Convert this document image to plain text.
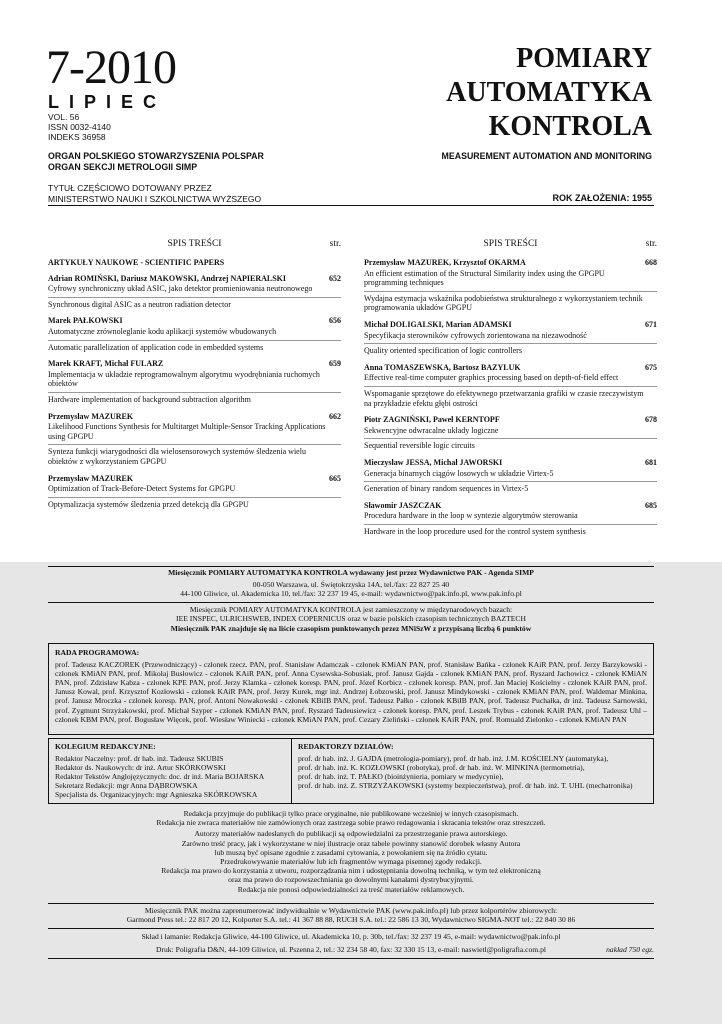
7-2010
LIPIEC
VOL. 56
ISSN 0032-4140
INDEKS 36958
POMIARY
AUTOMATYKA
KONTROLA
ORGAN POLSKIEGO STOWARZYSZENIA POLSPAR
ORGAN SEKCJI METROLOGII SIMP
MEASUREMENT AUTOMATION AND MONITORING
TYTUŁ CZĘŚCIOWO DOTOWANY PRZEZ
MINISTERSTWO NAUKI I SZKOLNICTWA WYŻSZEGO	ROK ZAŁOŻENIA: 1955
SPIS TREŚCI	str.
ARTYKUŁY NAUKOWE - SCIENTIFIC PAPERS
Adrian ROMIŃSKI, Dariusz MAKOWSKI, Andrzej NAPIERALSKI	652
Cyfrowy synchroniczny układ ASIC, jako detektor promieniowania neutronowego
Synchronous digital ASIC as a neutron radiation detector
Marek PAŁKOWSKI	656
Automatyczne zrównoleglanie kodu aplikacji systemów wbudowanych
Automatic parallelization of application code in embedded systems
Marek KRAFT, Michał FULARZ	659
Implementacja w układzie reprogramowalnym algorytmu wyodrębniania ruchomych obiektów
Hardware implementation of background subtraction algorithm
Przemysław MAZUREK	662
Likelihood Functions Synthesis for Multitarget Multiple-Sensor Tracking Applications using GPGPU
Synteza funkcji wiarygodności dla wielosensorowych systemów śledzenia wielu obiektów z wykorzystaniem GPGPU
Przemysław MAZUREK	665
Optimization of Track-Before-Detect Systems for GPGPU
Optymalizacja systemów śledzenia przed detekcją dla GPGPU
SPIS TREŚCI	str.
Przemysław MAZUREK, Krzysztof OKARMA	668
An efficient estimation of the Structural Similarity index using the GPGPU programming techniques
Wydajna estymacja wskaźnika podobieństwa strukturalnego z wykorzystaniem technik programowania układów GPGPU
Michał DOLIGALSKI, Marian ADAMSKI	671
Specyfikacja sterowników cyfrowych zorientowana na niezawodność
Quality oriented specification of logic controllers
Anna TOMASZEWSKA, Bartosz BAZYLUK	675
Effective real-time computer graphics processing based on depth-of-field effect
Wspomaganie sprzętowe do efektywnego przetwarzania grafiki w czasie rzeczywistym na przykładzie efektu głębi ostrości
Piotr ZAGNIŃSKI, Paweł KERNTOPF	678
Sekwencyjne odwracalne układy logiczne
Sequential reversible logic circuits
Mieczysław JESSA, Michał JAWORSKI	681
Generacja binarnych ciągów losowych w układzie Virtex-5
Generation of binary random sequences in Virtex-5
Sławomir JASZCZAK	685
Procedura hardware in the loop w syntezie algorytmów sterowania
Hardware in the loop procedure used for the control system synthesis
Miesięcznik POMIARY AUTOMATYKA KONTROLA wydawany jest przez Wydawnictwo PAK - Agenda SIMP
00-050 Warszawa, ul. Świętokrzyska 14A, tel./fax: 22 827 25 40
44-100 Gliwice, ul. Akademicka 10, tel./fax: 32 237 19 45, e-mail: wydawnictwo@pak.info.pl, www.pak.info.pl
Miesięcznik POMIARY AUTOMATYKA KONTROLA jest zamieszczony w międzynarodowych bazach:
IEE INSPEC, ULRICHSWEB, INDEX COPERNICUS oraz w bazie polskich czasopism technicznych BAZTECH
Miesięcznik PAK znajduje się na liście czasopism punktowanych przez MNiSzW z przypisaną liczbą 6 punktów
RADA PROGRAMOWA:
prof. Tadeusz KACZOREK (Przewodniczący) - członek rzecz. PAN, prof. Stanisław Adamczak - członek KMiAN PAN, prof. Stanisław Bańka - członek KAiR PAN, prof. Jerzy Barzykowski - członek KMiAN PAN, prof. Mikołaj Busłowicz - członek KAiR PAN, prof. Anna Cysewska-Sobusiak, prof. Janusz Gajda - członek KMiAN PAN, prof. Ryszard Jachowicz - członek KMiAN PAN, prof. Zdzisław Kabza - członek KPE PAN, prof. Jerzy Klamka - członek koresp. PAN, prof. Józef Korbicz - członek koresp. PAN, prof. Jan Maciej Kościelny - członek KAiR PAN, prof. Janusz Kowal, prof. Krzysztof Kozłowski - członek KAiR PAN, prof. Jerzy Kurek, mgr inż. Andrzej Łobzowski, prof. Janusz Mindykowski - członek KMiAN PAN, prof. Waldemar Minkina, prof. Janusz Mroczka - członek koresp. PAN, prof. Antoni Nowakowski - członek KBiIB PAN, prof. Tadeusz Pałko - członek KBiIB PAN, prof. Tadeusz Puchałka, dr inż. Tadeusz Sarnowski, prof. Zygmunt Strzyżakowski, prof. Michał Szyper - członek KMiAN PAN, prof. Ryszard Tadeusiewicz - członek koresp. PAN, prof. Leszek Trybus - członek KAiR PAN, prof. Tadeusz Uhl – członek KBM PAN, prof. Bogusław Więcek, prof. Wiesław Winiecki - członek KMiAN PAN, prof. Cezary Zieliński - członek KAiR PAN, prof. Romuald Zielonko - członek KMiAN PAN
KOLEGIUM REDAKCYJNE:
Redaktor Naczelny: prof. dr hab. inż. Tadeusz SKUBIS
Redaktor ds. Naukowych: dr inż. Artur SKÓRKOWSKI
Redaktor Tekstów Anglojęzycznych: doc. dr inż. Maria BOJARSKA
Sekretarz Redakcji: mgr Anna DĄBROWSKA
Specjalista ds. Organizacyjnych: mgr Agnieszka SKÓRKOWSKA
REDAKTORZY DZIAŁÓW:
prof. dr hab. inż. J. GAJDA (metrologia-pomiary), prof. dr hab. inż. J.M. KOŚCIELNY (automatyka),
prof. dr hab. inż. K. KOZŁOWSKI (robotyka), prof. dr hab. inż. W. MINKINA (termometria),
prof. dr hab. inż. T. PAŁKO (bioinżynieria, pomiary w medycynie),
prof. dr hab. inż. Z. STRZYŻAKOWSKI (systemy bezpieczeństwa), prof. dr hab. inż. T. UHL (mechatronika)
Redakcja przyjmuje do publikacji tylko prace oryginalne, nie publikowane wcześniej w innych czasopismach.
Redakcja nie zwraca materiałów nie zamówionych oraz zastrzega sobie prawo redagowania i skracania tekstów oraz streszczeń.
Autorzy materiałów nadesłanych do publikacji są odpowiedzialni za przestrzeganie prawa autorskiego.
Zarówno treść pracy, jak i wykorzystane w niej ilustracje oraz tabele powinny stanowić dorobek własny Autora
lub muszą być opisane zgodnie z zasadami cytowania, z powołaniem się na źródło cytatu.
Przedrukowywanie materiałów lub ich fragmentów wymaga pisemnej zgody redakcji.
Redakcja ma prawo do korzystania z utworu, rozporządzania nim i udostępniania dowolną techniką, w tym też elektroniczną
oraz ma prawo do rozpowszechniania go dowolnymi kanałami dystrybucyjnymi.
Redakcja nie ponosi odpowiedzialności za treść materiałów reklamowych.
Miesięcznik PAK można zaprenumerować indywidualnie w Wydawnictwie PAK (www.pak.info.pl) lub przez kolportérów zbiorowych:
Garmond Press tel.: 22 817 20 12, Kolporter S.A. tel.: 41 367 88 88, RUCH S.A. tel.: 22 586 13 30, Wydawnictwo SIGMA-NOT tel.: 22 840 30 86
Skład i łamanie: Redakcja Gliwice, 44-100 Gliwice, ul. Akademicka 10, p. 30b, tel./fax: 32 237 19 45, e-mail: wydawnictwo@pak.info.pl
Druk: Poligrafia D&N, 44-109 Gliwice, ul. Pszenna 2, tel.: 32 234 58 40, fax: 32 330 15 13, e-mail: naswietl@poligrafia.com.pl	nakład 750 egz.
